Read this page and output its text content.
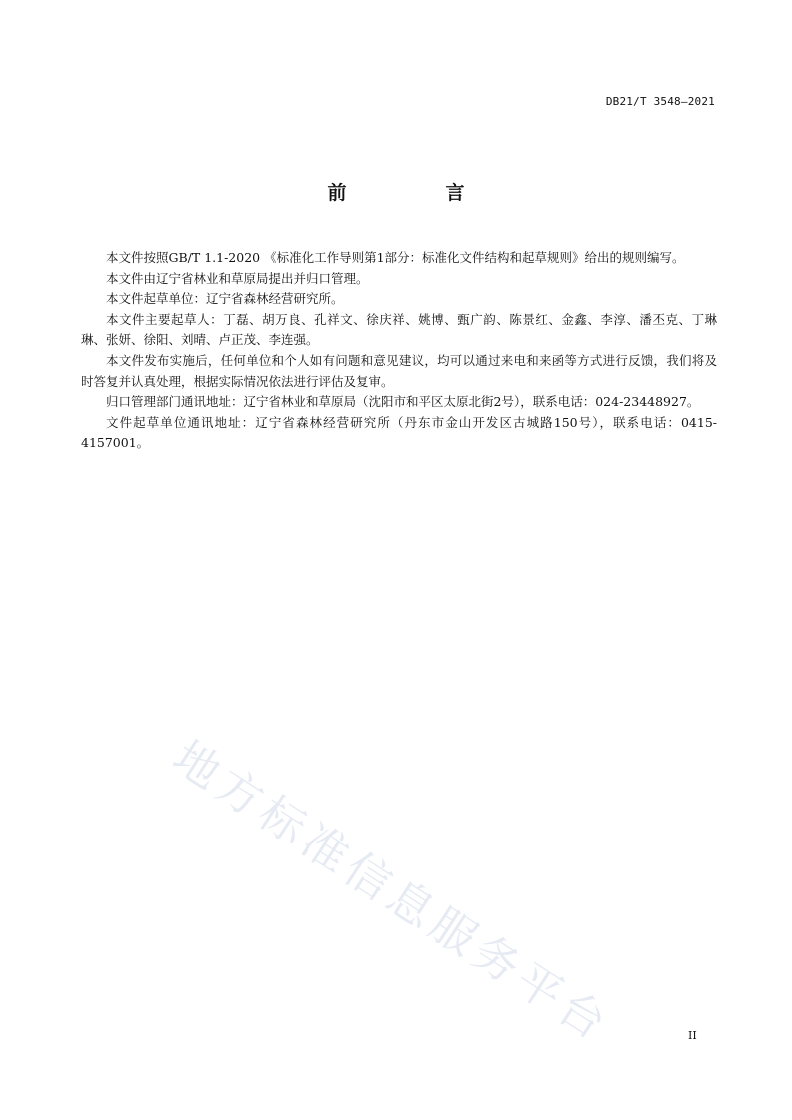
DB21/T 3548—2021
前　言

本文件按照GB/T 1.1-2020 《标准化工作导则第1部分：标准化文件结构和起草规则》给出的规则编写。

本文件由辽宁省林业和草原局提出并归口管理。

本文件起草单位：辽宁省森林经营研究所。

本文件主要起草人：丁磊、胡万良、孔祥文、徐庆祥、姚博、甄广韵、陈景红、金鑫、李淳、潘丕克、丁琳琳、张妍、徐阳、刘晴、卢正茂、李连强。

本文件发布实施后，任何单位和个人如有问题和意见建议，均可以通过来电和来函等方式进行反馈，我们将及时答复并认真处理，根据实际情况依法进行评估及复审。

归口管理部门通讯地址：辽宁省林业和草原局（沈阳市和平区太原北街2号），联系电话：024-23448927。

文件起草单位通讯地址：辽宁省森林经营研究所（丹东市金山开发区古城路150号），联系电话：0415-4157001。

地方标准信息服务平台	II
